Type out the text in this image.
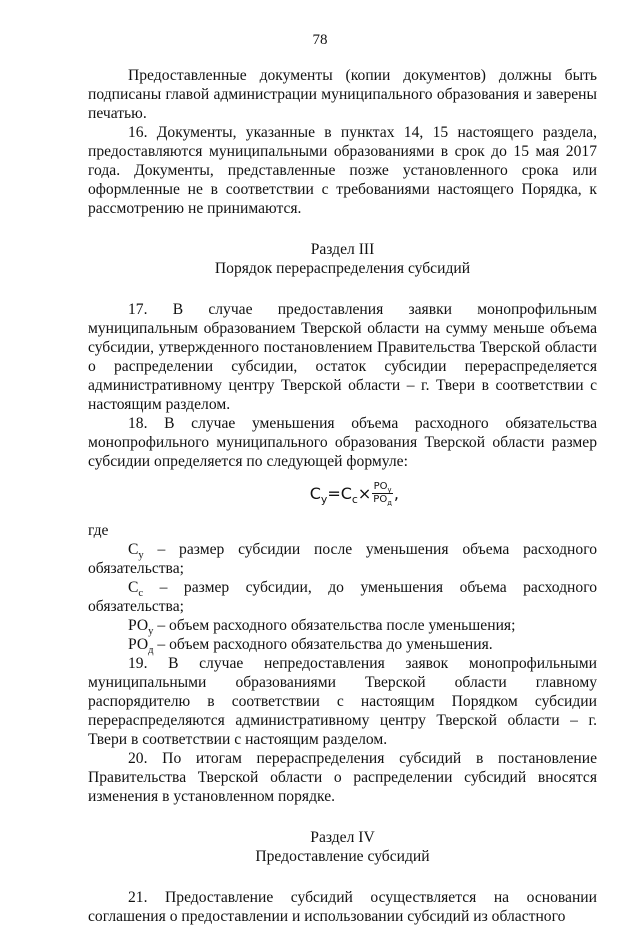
78

Предоставленные документы (копии документов) должны быть подписаны главой администрации муниципального образования и заверены печатью.

16. Документы, указанные в пунктах 14, 15 настоящего раздела, предоставляются муниципальными образованиями в срок до 15 мая 2017 года. Документы, представленные позже установленного срока или оформленные не в соответствии с требованиями настоящего Порядка, к рассмотрению не принимаются.

Раздел III

Порядок перераспределения субсидий

17. В случае предоставления заявки монопрофильным муниципальным образованием Тверской области на сумму меньше объема субсидии, утвержденного постановлением Правительства Тверской области о распределении субсидии, остаток субсидии перераспределяется административному центру Тверской области – г. Твери в соответствии с настоящим разделом.

18. В случае уменьшения объема расходного обязательства монопрофильного муниципального образования Тверской области размер субсидии определяется по следующей формуле:

$С_у=С_с\times \frac{РО_у}{РО_д}$ ,

где

$С_у$ – размер субсидии после уменьшения объема расходного обязательства;

$С_с$ – размер субсидии, до уменьшения объема расходного обязательства;

$РО_у$ – объем расходного обязательства после уменьшения;

$РО_д$ – объем расходного обязательства до уменьшения.

19. В случае непредоставления заявок монопрофильными муниципальными образованиями Тверской области главному распорядителю в соответствии с настоящим Порядком субсидии перераспределяются административному центру Тверской области – г. Твери в соответствии с настоящим разделом.

20. По итогам перераспределения субсидий в постановление Правительства Тверской области о распределении субсидий вносятся изменения в установленном порядке.

Раздел IV

Предоставление субсидий

21. Предоставление субсидий осуществляется на основании соглашения о предоставлении и использовании субсидий из областного
